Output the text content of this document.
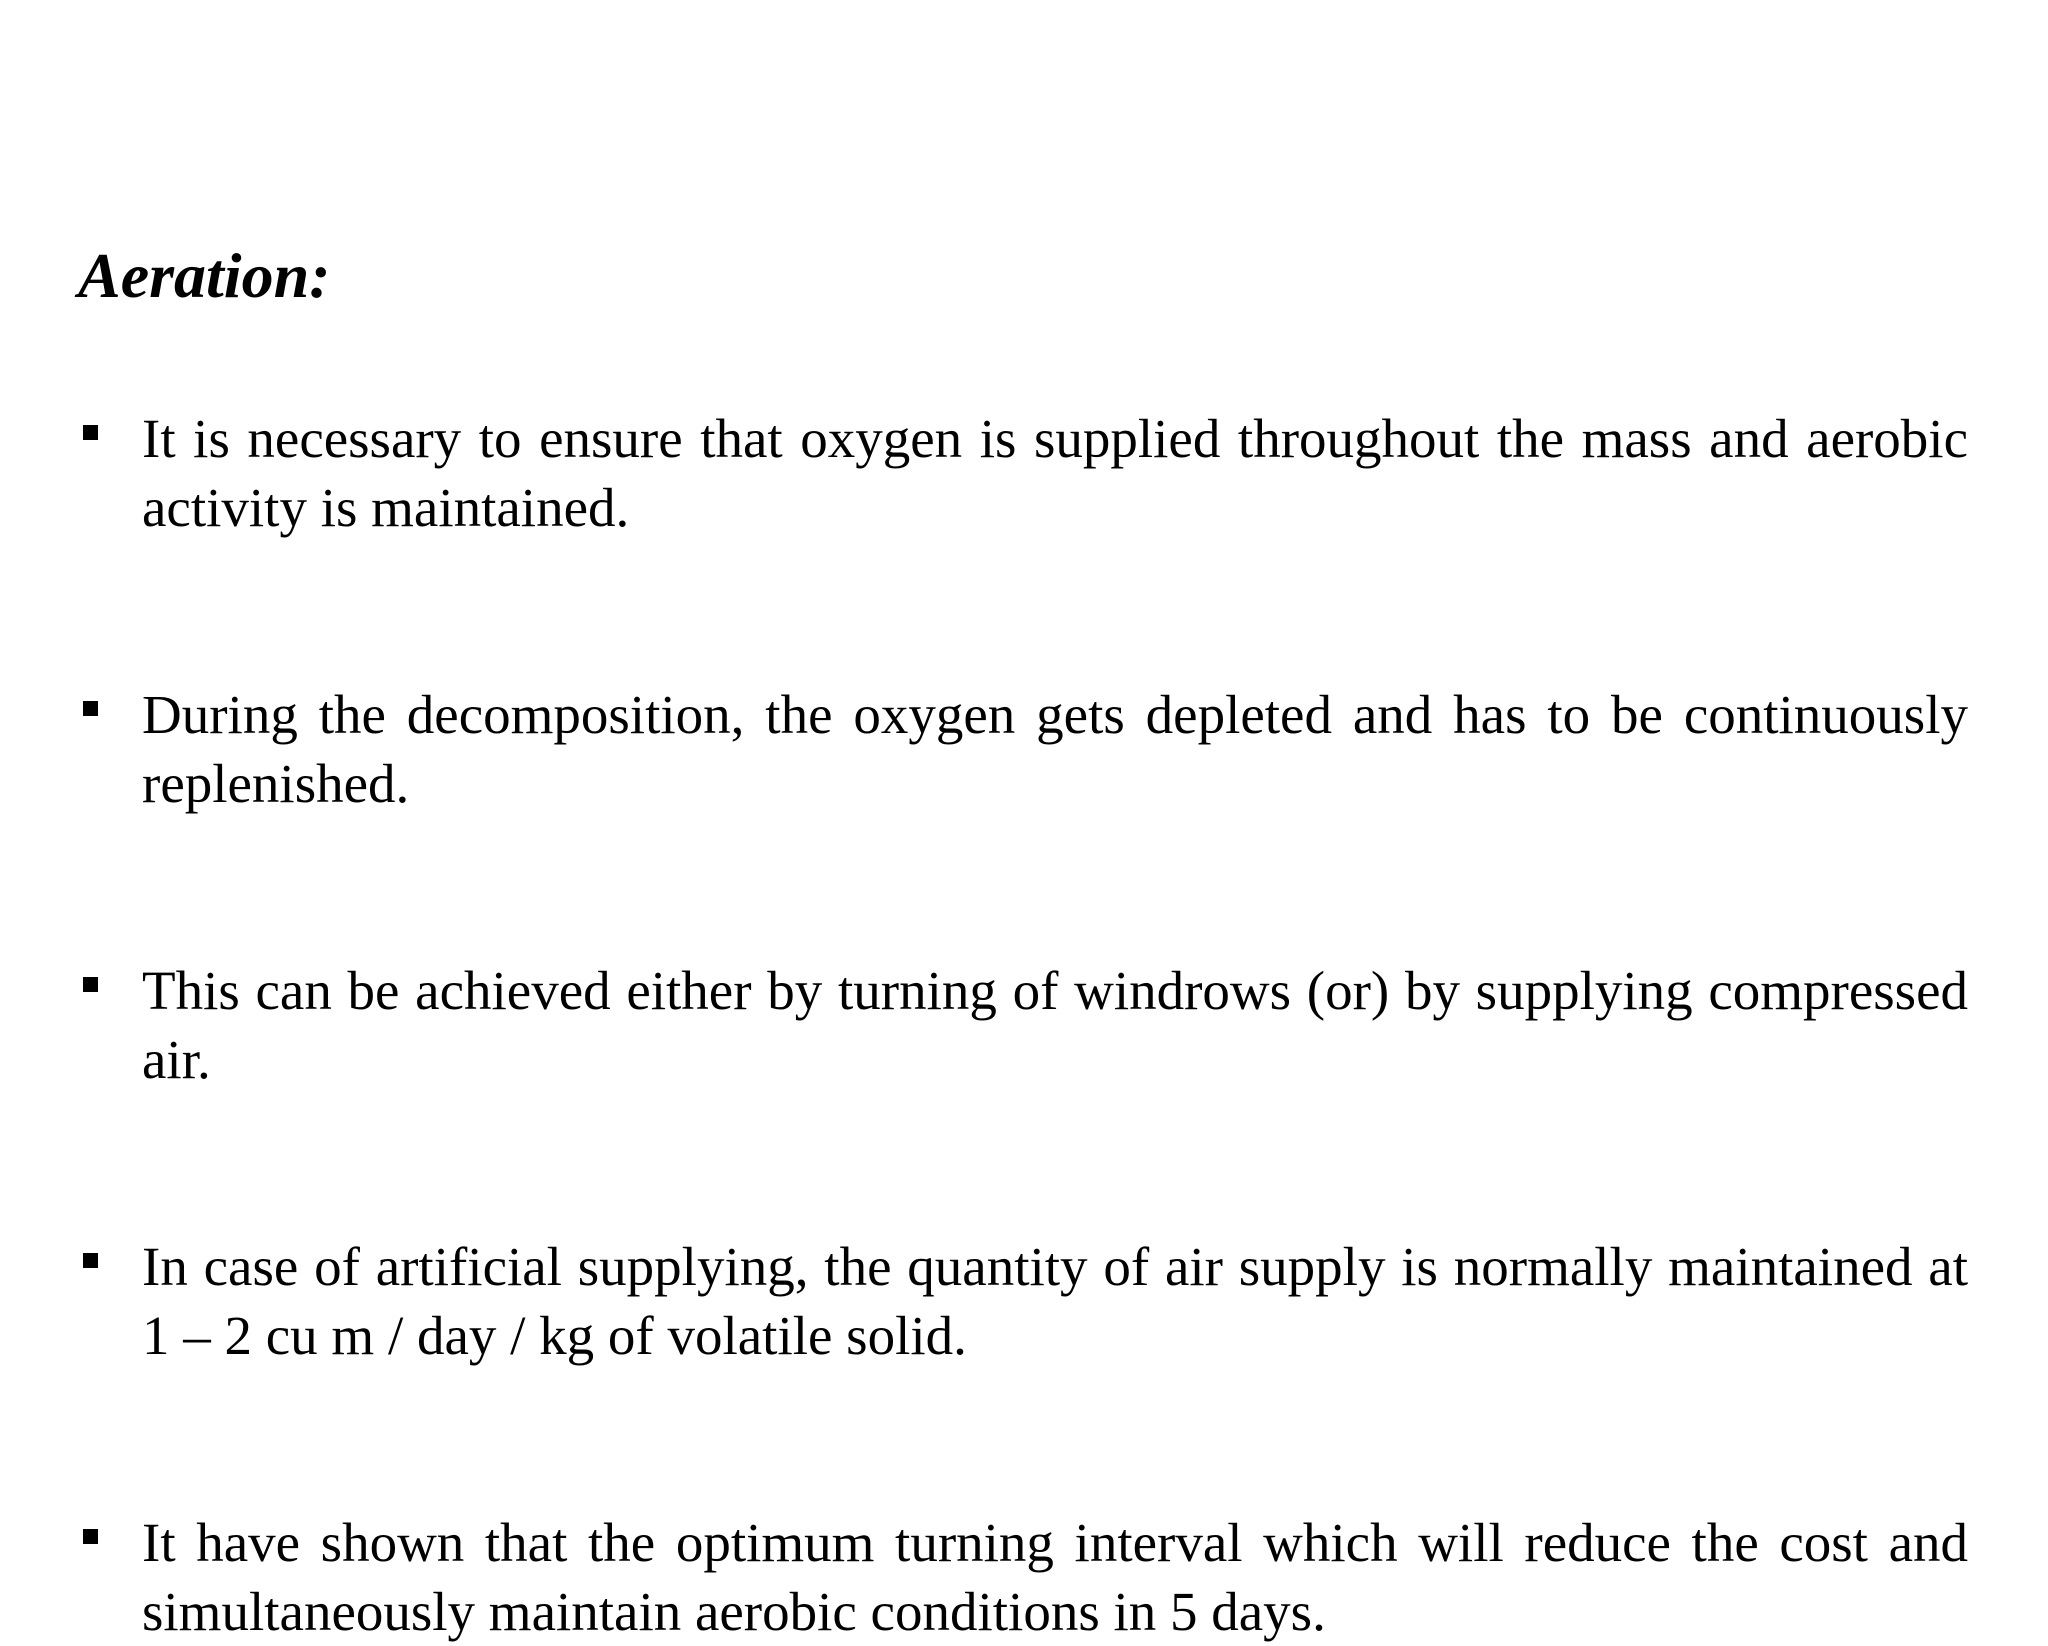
Aeration:
It is necessary to ensure that oxygen is supplied throughout the mass and aerobic activity is maintained.
During the decomposition, the oxygen gets depleted and has to be continuously replenished.
This can be achieved either by turning of windrows (or) by supplying compressed air.
In case of artificial supplying, the quantity of air supply is normally maintained at 1 – 2 cu m / day / kg of volatile solid.
It have shown that the optimum turning interval which will reduce the cost and simultaneously maintain aerobic conditions in 5 days.
